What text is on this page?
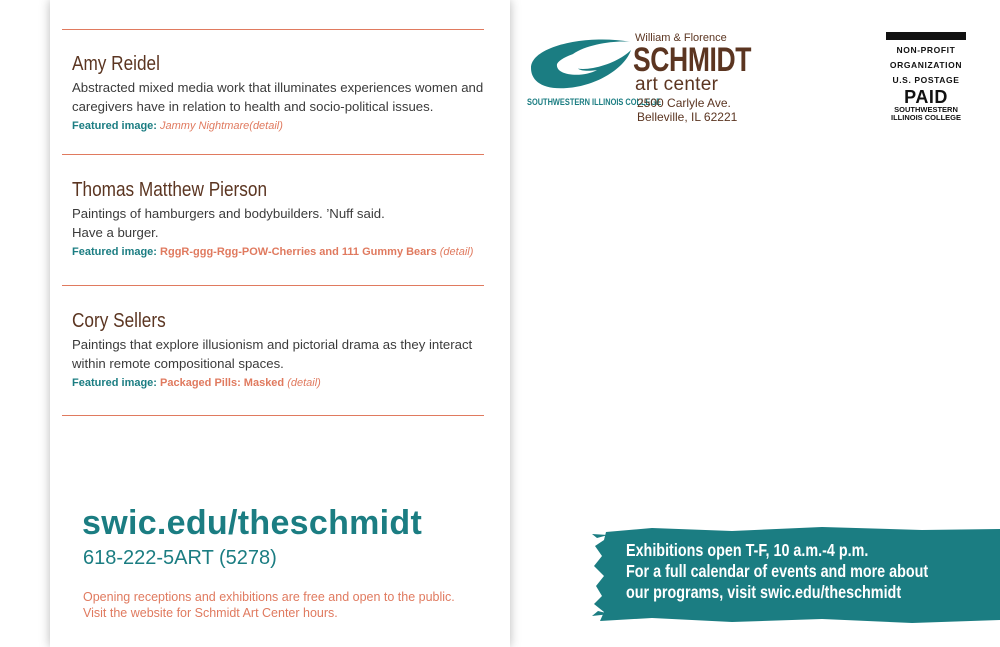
Amy Reidel
Abstracted mixed media work that illuminates experiences women and caregivers have in relation to health and socio-political issues.
Featured image: Jammy Nightmare(detail)
Thomas Matthew Pierson
Paintings of hamburgers and bodybuilders. ’Nuff said.
Have a burger.
Featured image: RggR-ggg-Rgg-POW-Cherries and 111 Gummy Bears (detail)
Cory Sellers
Paintings that explore illusionism and pictorial drama as they interact within remote compositional spaces.
Featured image: Packaged Pills: Masked (detail)
swic.edu/theschmidt
618-222-5ART (5278)
Opening receptions and exhibitions are free and open to the public.
Visit the website for Schmidt Art Center hours.
William & Florence
SCHMIDT
art center
SOUTHWESTERN ILLINOIS COLLEGE
2500 Carlyle Ave.
Belleville, IL 62221
NON-PROFIT
ORGANIZATION
U.S. POSTAGE
PAID
SOUTHWESTERN
ILLINOIS COLLEGE
Exhibitions open T-F, 10 a.m.-4 p.m.
For a full calendar of events and more about
our programs, visit swic.edu/theschmidt
